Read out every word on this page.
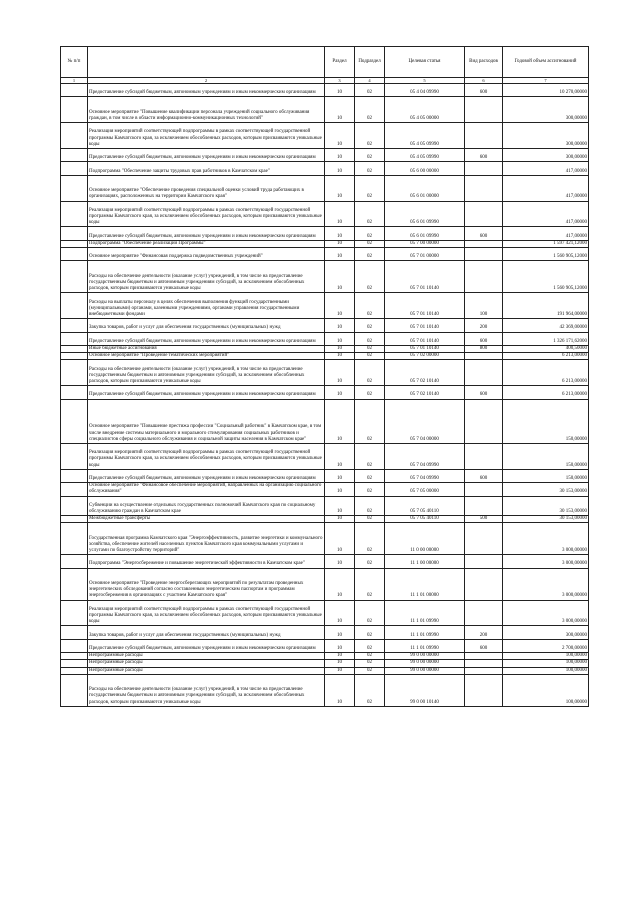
№ п/п		Раздел	Подраздел	Целевая статья	Вид расходов	Годовой объем ассигнований
1	2	3	4	5	6	7
	Предоставление субсидий бюджетным, автономным учреждениям и иным некоммерческим организациям	10	02	05 4 04 09990	600	10 270,00000
	Основное мероприятие "Повышение квалификации персонала учреждений социального обслуживания граждан, в том числе в области информационно-коммуникационных технологий"	10	02	05 4 05 00000		300,00000
	Реализация мероприятий соответствующей подпрограммы в рамках соответствующей государственной программы Камчатского края, за исключением обособленных расходов, которым присваиваются уникальные коды	10	02	05 4 05 09990		300,00000
	Предоставление субсидий бюджетным, автономным учреждениям и иным некоммерческим организациям	10	02	05 4 05 09990	600	300,00000
	Подпрограмма "Обеспечение защиты трудовых прав работников в Камчатском крае"	10	02	05 6 00 00000		417,00000
	Основное мероприятие "Обеспечение проведения специальной оценки условий труда работающих в организациях, расположенных на территории Камчатского края"	10	02	05 6 01 00000		417,00000
	Реализация мероприятий соответствующей подпрограммы в рамках соответствующей государственной программы Камчатского края, за исключением обособленных расходов, которым присваиваются уникальные коды	10	02	05 6 01 09990		417,00000
	Предоставление субсидий бюджетным, автономным учреждениям и иным некоммерческим организациям	10	02	05 6 01 09990	600	417,00000
	Подпрограмма "Обеспечение реализации Программы"	10	02	05 7 00 00000		1 597 421,12000
	Основное мероприятие "Финансовая поддержка подведомственных учреждений"	10	02	05 7 01 00000		1 560 905,12000
	Расходы на обеспечение деятельности (оказание услуг) учреждений, в том числе на предоставление государственным бюджетным и автономным учреждениям субсидий, за исключением обособленных расходов, которым присваиваются уникальные коды	10	02	05 7 01 10140		1 560 905,12000
	Расходы на выплаты персоналу в целях обеспечения выполнения функций государственными (муниципальными) органами, казенными учреждениями, органами управления государственными внебюджетными фондами	10	02	05 7 01 10140	100	191 964,00000
	Закупка товаров, работ и услуг для обеспечения государственных (муниципальных) нужд	10	02	05 7 01 10140	200	42 369,00000
	Предоставление субсидий бюджетным, автономным учреждениям и иным некоммерческим организациям	10	02	05 7 01 10140	600	1 326 171,62000
	Иные бюджетные ассигнования	10	02	05 7 01 10140	800	400,50000
	Основное мероприятие "Проведение тематических мероприятий"	10	02	05 7 02 00000		6 213,00000
	Расходы на обеспечение деятельности (оказание услуг) учреждений, в том числе на предоставление государственным бюджетным и автономным учреждениям субсидий, за исключением обособленных расходов, которым присваиваются уникальные коды	10	02	05 7 02 10140		6 213,00000
	Предоставление субсидий бюджетным, автономным учреждениям и иным некоммерческим организациям	10	02	05 7 02 10140	600	6 213,00000
	Основное мероприятие "Повышение престижа профессии "Социальный работник" в Камчатском крае, в том числе внедрение системы материального и морального стимулирования социальных работников и специалистов сферы социального обслуживания и социальной защиты населения в Камчатском крае"	10	02	05 7 04 00000		150,00000
	Реализация мероприятий соответствующей подпрограммы в рамках соответствующей государственной программы Камчатского края, за исключением обособленных расходов, которым присваиваются уникальные коды	10	02	05 7 04 09990		150,00000
	Предоставление субсидий бюджетным, автономным учреждениям и иным некоммерческим организациям	10	02	05 7 04 09990	600	150,00000
	Основное мероприятие "Финансовое обеспечение мероприятий, направленных на организацию социального обслуживания"	10	02	05 7 05 00000		30 153,00000
	Субвенции на осуществление отдельных государственных полномочий Камчатского края по социальному обслуживанию граждан в Камчатском крае	10	02	05 7 05 40110		30 153,00000
	Межбюджетные трансферты	10	02	05 7 05 40110	500	30 153,00000
	Государственная программа Камчатского края "Энергоэффективность, развитие энергетики и коммунального хозяйства, обеспечение жителей населенных пунктов Камчатского края коммунальными услугами и услугами по благоустройству территорий"	10	02	11 0 00 00000		3 000,00000
	Подпрограмма "Энергосбережение и повышение энергетической эффективности в Камчатском крае"	10	02	11 1 00 00000		3 000,00000
	Основное мероприятие "Проведение энергосберегающих мероприятий по результатам проведенных энергетических обследований согласно составленным энергетическим паспортам и программам энергосбережения в организациях с участием Камчатского края"	10	02	11 1 01 00000		3 000,00000
	Реализация мероприятий соответствующей подпрограммы в рамках соответствующей государственной программы Камчатского края, за исключением обособленных расходов, которым присваиваются уникальные коды	10	02	11 1 01 09990		3 000,00000
	Закупка товаров, работ и услуг для обеспечения государственных (муниципальных) нужд	10	02	11 1 01 09990	200	300,00000
	Предоставление субсидий бюджетным, автономным учреждениям и иным некоммерческим организациям	10	02	11 1 01 09990	600	2 700,00000
	Непрограммные расходы	10	02	99 0 00 00000		100,00000
	Непрограммные расходы	10	02	99 0 00 00000		100,00000
	Непрограммные расходы	10	02	99 0 00 00000		100,00000
	Расходы на обеспечение деятельности (оказание услуг) учреждений, в том числе на предоставление государственным бюджетным и автономным учреждениям субсидий, за исключением обособленных расходов, которым присваиваются уникальные коды	10	02	99 0 00 10140		100,00000
